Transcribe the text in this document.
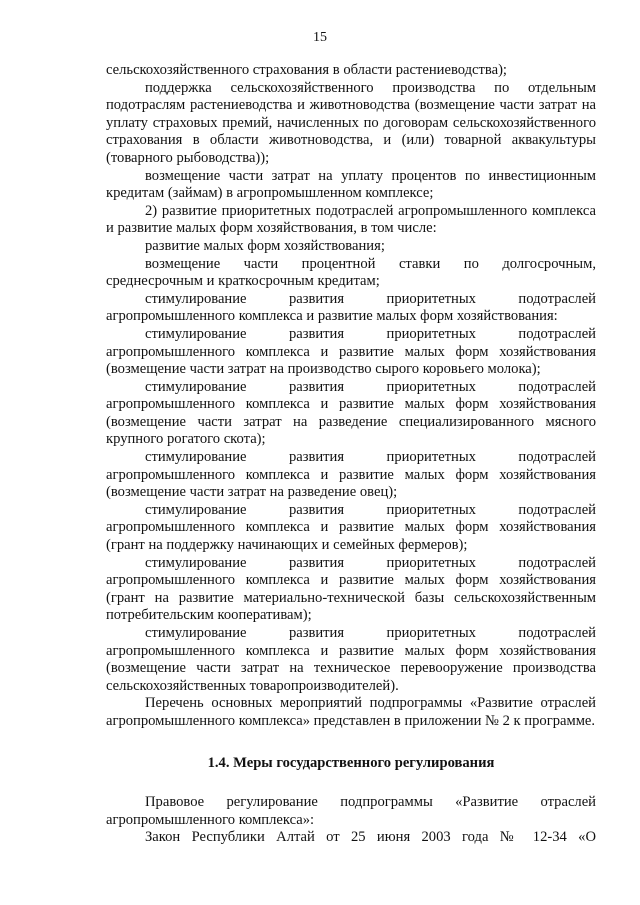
15

сельскохозяйственного страхования в области растениеводства);

поддержка сельскохозяйственного производства по отдельным подотраслям растениеводства и животноводства (возмещение части затрат на уплату страховых премий, начисленных по договорам сельскохозяйственного страхования в области животноводства, и (или) товарной аквакультуры (товарного рыбоводства));

возмещение части затрат на уплату процентов по инвестиционным кредитам (займам) в агропромышленном комплексе;

2) развитие приоритетных подотраслей агропромышленного комплекса и развитие малых форм хозяйствования, в том числе:

развитие малых форм хозяйствования;

возмещение части процентной ставки по долгосрочным, среднесрочным и краткосрочным кредитам;

стимулирование развития приоритетных подотраслей агропромышленного комплекса и развитие малых форм хозяйствования:

стимулирование развития приоритетных подотраслей агропромышленного комплекса и развитие малых форм хозяйствования (возмещение части затрат на производство сырого коровьего молока);

стимулирование развития приоритетных подотраслей агропромышленного комплекса и развитие малых форм хозяйствования (возмещение части затрат на разведение специализированного мясного крупного рогатого скота);

стимулирование развития приоритетных подотраслей агропромышленного комплекса и развитие малых форм хозяйствования (возмещение части затрат на разведение овец);

стимулирование развития приоритетных подотраслей агропромышленного комплекса и развитие малых форм хозяйствования (грант на поддержку начинающих и семейных фермеров);

стимулирование развития приоритетных подотраслей агропромышленного комплекса и развитие малых форм хозяйствования (грант на развитие материально-технической базы сельскохозяйственным потребительским кооперативам);

стимулирование развития приоритетных подотраслей агропромышленного комплекса и развитие малых форм хозяйствования (возмещение части затрат на техническое перевооружение производства сельскохозяйственных товаропроизводителей).

Перечень основных мероприятий подпрограммы «Развитие отраслей агропромышленного комплекса» представлен в приложении № 2 к программе.

1.4. Меры государственного регулирования

Правовое регулирование подпрограммы «Развитие отраслей агропромышленного комплекса»:

Закон Республики Алтай от 25 июня 2003 года № 12-34 «О
